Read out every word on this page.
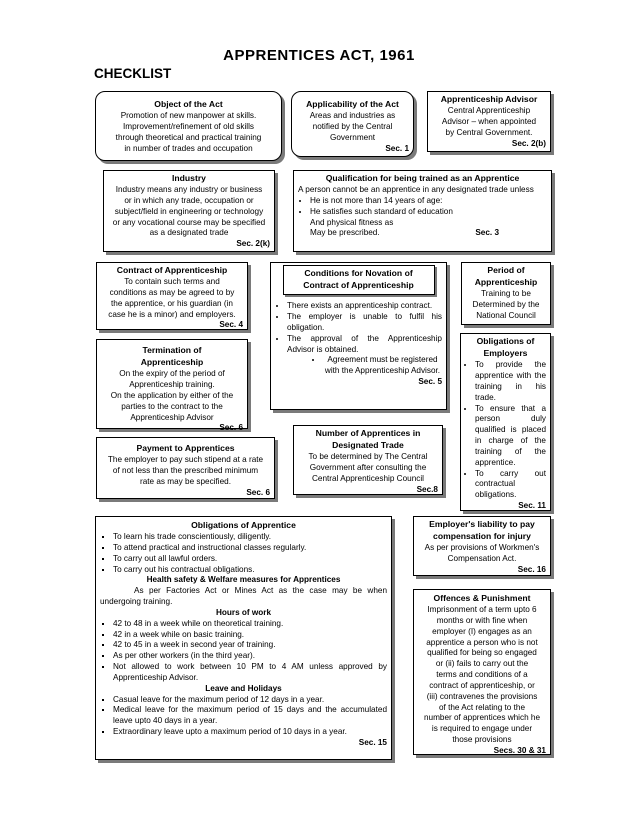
APPRENTICES ACT, 1961
CHECKLIST
Object of the Act

Promotion of new manpower at skills.

Improvement/refinement of old skills

through theoretical and practical training

in number of trades and occupation

Applicability of the Act

Areas and industries as

notified by the Central

Government

Sec. 1

Apprenticeship Advisor

Central Apprenticeship

Advisor – when appointed

by Central Government.

Sec. 2(b)

Industry

Industry means any industry or business

or in which any trade, occupation or

subject/field in engineering or technology

or any vocational course may be specified

as a designated trade

Sec. 2(k)

Qualification for being trained as an Apprentice

A person cannot be an apprentice in any designated trade unless

• He is not more than 14 years of age:
• He satisfies such standard of education

And physical fitness as

May be prescribed.	Sec. 3
Contract of Apprenticeship

To contain such terms and

conditions as may be agreed to by

the apprentice, or his guardian (in

case he is a minor) and employers.

Sec. 4

Conditions for Novation of
Contract of Apprenticeship
• There exists an apprenticeship contract.
• The employer is unable to fulfil his obligation.
• The approval of the Apprenticeship Advisor is obtained.
• Agreement must be registered with the Apprenticeship Advisor.

Sec. 5

Period of
Apprenticeship

Training to be

Determined by the

National Council

Termination of
Apprenticeship

On the expiry of the period of

Apprenticeship training.

On the application by either of the

parties to the contract to the

Apprenticeship Advisor

Sec. 6

Obligations of
Employers
• To provide the apprentice with the training in his trade.
• To ensure that a person duly qualified is placed in charge of the training of the apprentice.
• To carry out contractual obligations.

Sec. 11

Payment to Apprentices

The employer to pay such stipend at a rate

of not less than the prescribed minimum

rate as may be specified.

Sec. 6

Number of Apprentices in
Designated Trade

To be determined by The Central

Government after consulting the

Central Apprenticeship Council

Sec.8

Obligations of Apprentice
▪ To learn his trade conscientiously, diligently.
▪ To attend practical and instructional classes regularly.
▪ To carry out all lawful orders.
▪ To carry out his contractual obligations.

Health safety & Welfare measures for Apprentices

As per Factories Act or Mines Act as the case may be when undergoing training.

Hours of work

▪ 42 to 48 in a week while on theoretical training.
▪ 42 in a week while on basic training.
▪ 42 to 45 in a week in second year of training.
▪ As per other workers (in the third year).
▪ Not allowed to work between 10 PM to 4 AM unless approved by Apprenticeship Advisor.

Leave and Holidays

▪ Casual leave for the maximum period of 12 days in a year.
▪ Medical leave for the maximum period of 15 days and the accumulated leave upto 40 days in a year.
▪ Extraordinary leave upto a maximum period of 10 days in a year.

Sec. 15

Employer's liability to pay
compensation for injury

As per provisions of Workmen's

Compensation Act.

Sec. 16

Offences & Punishment

Imprisonment of a term upto 6

months or with fine when

employer (I) engages as an

apprentice a person who is not

qualified for being so engaged

or (ii) fails to carry out the

terms and conditions of a

contract of apprenticeship, or

(iii) contravenes the provisions

of the Act relating to the

number of apprentices which he

is required to engage under

those provisions

Secs. 30 & 31
